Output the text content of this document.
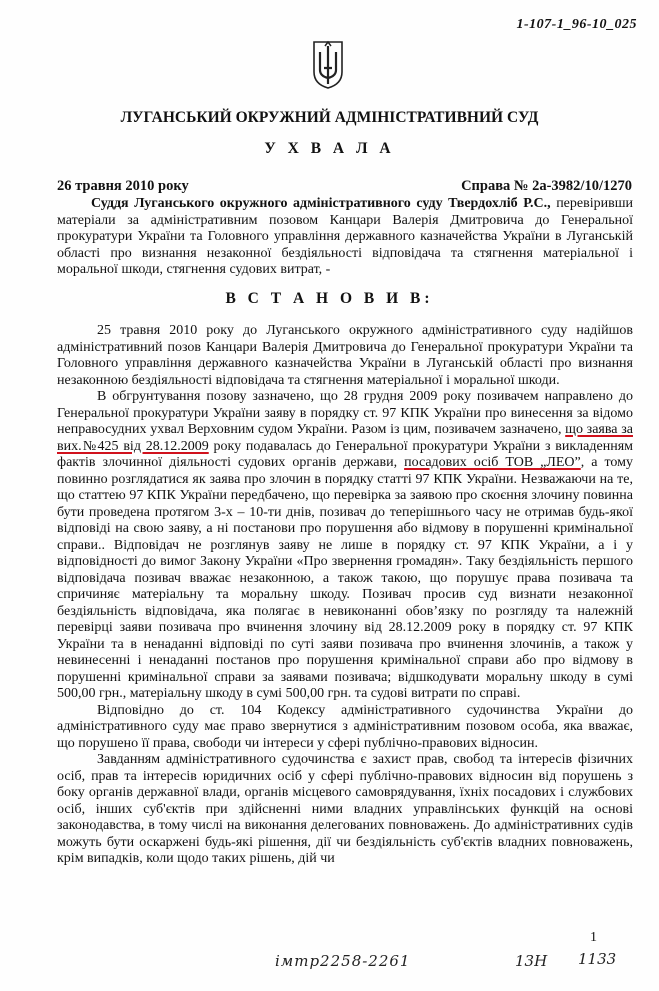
1-107-1_96-10_025
ЛУГАНСЬКИЙ ОКРУЖНИЙ АДМІНІСТРАТИВНИЙ СУД
У Х В А Л А
26 травня 2010 року	Справа № 2а-3982/10/1270
Суддя Луганського окружного адміністративного суду Твердохліб Р.С., перевіривши матеріали за адміністративним позовом Канцари Валерія Дмитровича до Генеральної прокуратури України та Головного управління державного казначейства України в Луганській області про визнання незаконної бездіяльності відповідача та стягнення матеріальної і моральної шкоди, стягнення судових витрат, -
В С Т А Н О В И В:

25 травня 2010 року до Луганського окружного адміністративного суду надійшов адміністративний позов Канцари Валерія Дмитровича до Генеральної прокуратури України та Головного управління державного казначейства України в Луганській області про визнання незаконною бездіяльності відповідача та стягнення матеріальної і моральної шкоди.

В обгрунтування позову зазначено, що 28 грудня 2009 року позивачем направлено до Генеральної прокуратури України заяву в порядку ст. 97 КПК України про винесення за відомо неправосудних ухвал Верховним судом України. Разом із цим, позивачем зазначено, що заява за вих.№425 від 28.12.2009 року подавалась до Генеральної прокуратури України з викладенням фактів злочинної діяльності судових органів держави, посадових осіб ТОВ „ЛЕО”, а тому повинно розглядатися як заява про злочин в порядку статті 97 КПК України. Незважаючи на те, що статтею 97 КПК України передбачено, що перевірка за заявою про скоєння злочину повинна бути проведена протягом 3-х – 10-ти днів, позивач до теперішнього часу не отримав будь-якої відповіді на свою заяву, а ні постанови про порушення або відмову в порушенні кримінальної справи.. Відповідач не розглянув заяву не лише в порядку ст. 97 КПК України, а і у відповідності до вимог Закону України «Про звернення громадян». Таку бездіяльність першого відповідача позивач вважає незаконною, а також такою, що порушує права позивача та спричиняє матеріальну та моральну шкоду. Позивач просив суд визнати незаконної бездіяльність відповідача, яка полягає в невиконанні обов’язку по розгляду та належній перевірці заяви позивача про вчинення злочину від 28.12.2009 року в порядку ст. 97 КПК України та в ненаданні відповіді по суті заяви позивача про вчинення злочинів, а також у невинесенні і ненаданні постанов про порушення кримінальної справи або про відмову в порушенні кримінальної справи за заявами позивача; відшкодувати моральну шкоду в сумі 500,00 грн., матеріальну шкоду в сумі 500,00 грн. та судові витрати по справі.

Відповідно до ст. 104 Кодексу адміністративного судочинства України до адміністративного суду має право звернутися з адміністративним позовом особа, яка вважає, що порушено її права, свободи чи інтереси у сфері публічно-правових відносин.

Завданням адміністративного судочинства є захист прав, свобод та інтересів фізичних осіб, прав та інтересів юридичних осіб у сфері публічно-правових відносин від порушень з боку органів державної влади, органів місцевого самоврядування, їхніх посадових і службових осіб, інших суб'єктів при здійсненні ними владних управлінських функцій на основі законодавства, в тому числі на виконання делегованих повноважень. До адміністративних судів можуть бути оскаржені будь-які рішення, дії чи бездіяльність суб'єктів владних повноважень, крім випадків, коли щодо таких рішень, дій чи

1
імтр2258-2261	13Н 1133
